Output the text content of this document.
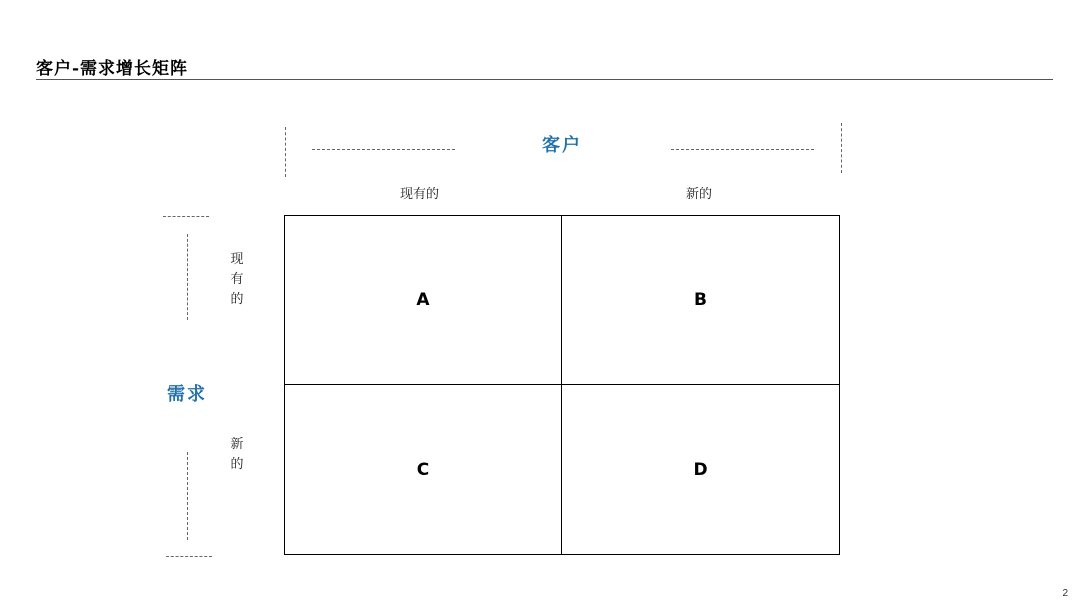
客户-需求增长矩阵
客户
现有的	新的
需求
现有的
新的
A	B
C	D
2
